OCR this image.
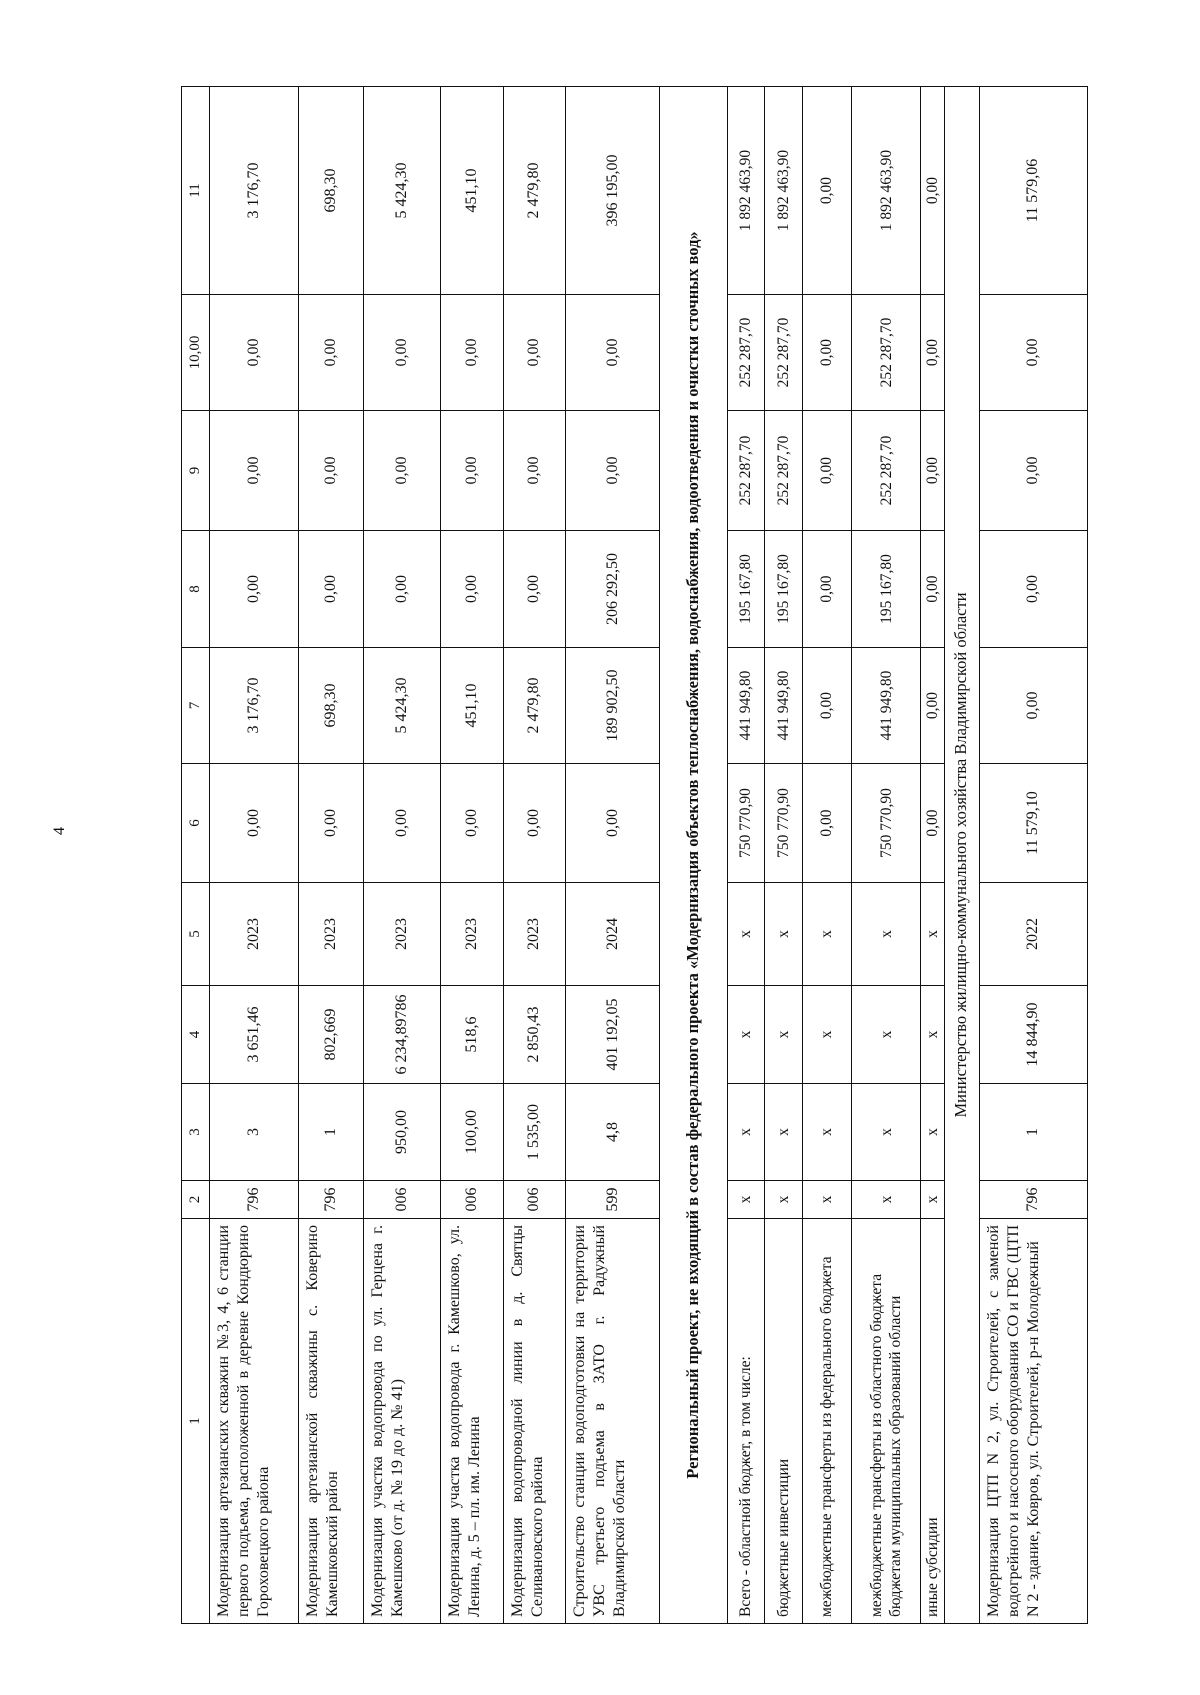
4
1	2	3	4	5	6	7	8	9	10,00	11
Модернизация артезианских скважин №3, 4, 6 станции первого подъема, расположенной в деревне Кондюрино Гороховецкого района	796	3	3 651,46	2023	0,00	3 176,70	0,00	0,00	0,00	3 176,70
Модернизация артезианской скважины с. Коверино Камешковский район	796	1	802,669	2023	0,00	698,30	0,00	0,00	0,00	698,30
Модернизация участка водопровода по ул. Герцена г. Камешково (от д. № 19 до д. № 41)	006	950,00	6 234,89786	2023	0,00	5 424,30	0,00	0,00	0,00	5 424,30
Модернизация участка водопровода г. Камешково, ул. Ленина, д. 5 – пл. им. Ленина	006	100,00	518,6	2023	0,00	451,10	0,00	0,00	0,00	451,10
Модернизация водопроводной линии в д. Святцы Селивановского района	006	1 535,00	2 850,43	2023	0,00	2 479,80	0,00	0,00	0,00	2 479,80
Строительство станции водоподготовки на территории УВС третьего подъема в ЗАТО г. Радужный Владимирской области	599	4,8	401 192,05	2024	0,00	189 902,50	206 292,50	0,00	0,00	396 195,00
Региональный проект, не входящий в состав федерального проекта «Модернизация объектов теплоснабжения, водоснабжения, водоотведения и очистки сточных вод»										
Всего - областной бюджет, в том числе:	х	х	х	х	750 770,90	441 949,80	195 167,80	252 287,70	252 287,70	1 892 463,90
бюджетные инвестиции	х	х	х	х	750 770,90	441 949,80	195 167,80	252 287,70	252 287,70	1 892 463,90
межбюджетные трансферты из федерального бюджета	х	х	х	х	0,00	0,00	0,00	0,00	0,00	0,00
межбюджетные трансферты из областного бюджета бюджетам муниципальных образований области	х	х	х	х	750 770,90	441 949,80	195 167,80	252 287,70	252 287,70	1 892 463,90
иные субсидии	х	х	х	х	0,00	0,00	0,00	0,00	0,00	0,00
Министерство жилищно-коммунального хозяйства Владимирской области										
Модернизация ЦТП N 2, ул. Строителей, с заменой водогрейного и насосного оборудования СО и ГВС (ЦТП N 2 - здание, Ковров, ул. Строителей, р-н Молодежный	796	1	14 844,90	2022	11 579,10	0,00	0,00	0,00	0,00	11 579,06
